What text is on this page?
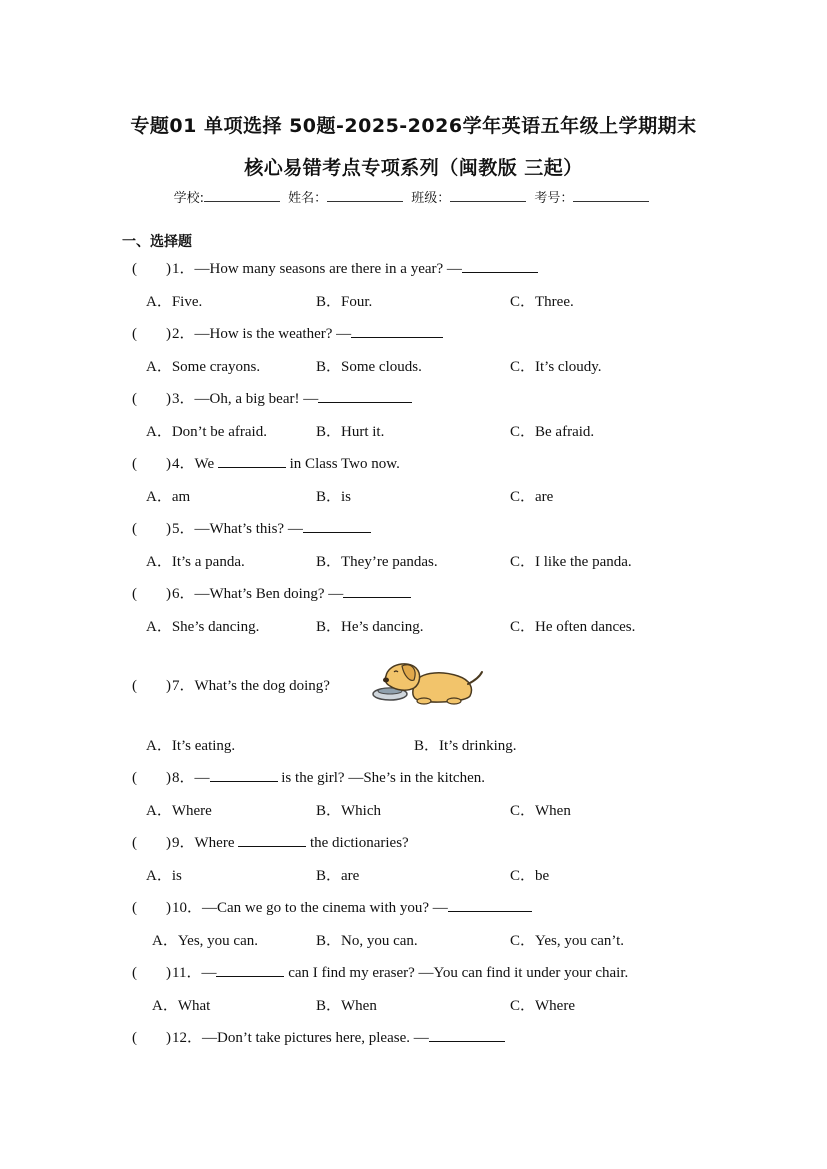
专题01 单项选择 50题-2025-2026学年英语五年级上学期期末
核心易错考点专项系列（闽教版 三起）
学校:	姓名：	班级：	考号：
一、选择题
( ) 1．—How many seasons are there in a year? —
A．Five.	B．Four.	C．Three.
( ) 2．—How is the weather? —
A．Some crayons.	B．Some clouds.	C．It’s cloudy.
( ) 3．—Oh, a big bear! —
A．Don’t be afraid.	B．Hurt it.	C．Be afraid.
( ) 4．We	in Class Two now.
A．am	B．is	C．are
( ) 5．—What’s this? —
A．It’s a panda.	B．They’re pandas.	C．I like the panda.
( ) 6．—What’s Ben doing? —
A．She’s dancing.	B．He’s dancing.	C．He often dances.
( ) 7．What’s the dog doing?
A．It’s eating.	B．It’s drinking.
( ) 8．—	is the girl? —She’s in the kitchen.
A．Where	B．Which	C．When
( ) 9．Where	the dictionaries?
A．is	B．are	C．be
( ) 10．—Can we go to the cinema with you? —
A．Yes, you can.	B．No, you can.	C．Yes, you can’t.
( ) 11．—	can I find my eraser? —You can find it under your chair.
A．What	B．When	C．Where
( ) 12．—Don’t take pictures here, please. —
